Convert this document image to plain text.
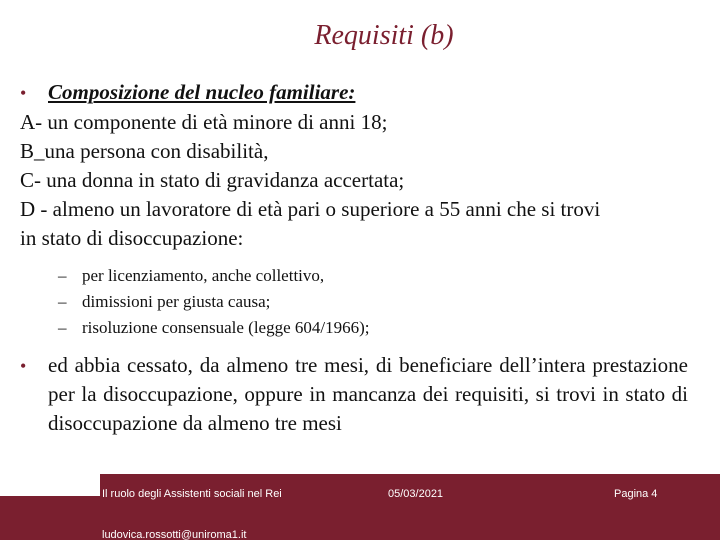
Requisiti (b)
•	Composizione del nucleo familiare:
A- un componente di età minore di anni 18;
B_una persona con disabilità,
C- una donna in stato di gravidanza accertata;
D - almeno un lavoratore di età pari o superiore a 55 anni che si trovi
in stato di disoccupazione:
– per licenziamento, anche collettivo,
– dimissioni per giusta causa;
– risoluzione consensuale (legge 604/1966);
•	ed abbia cessato, da almeno tre mesi, di beneficiare dell’intera prestazione per la disoccupazione, oppure in mancanza dei requisiti, si trovi in stato di disoccupazione da almeno tre mesi
Il ruolo degli Assistenti sociali nel Rei	05/03/2021	Pagina 4
ludovica.rossotti@uniroma1.it
